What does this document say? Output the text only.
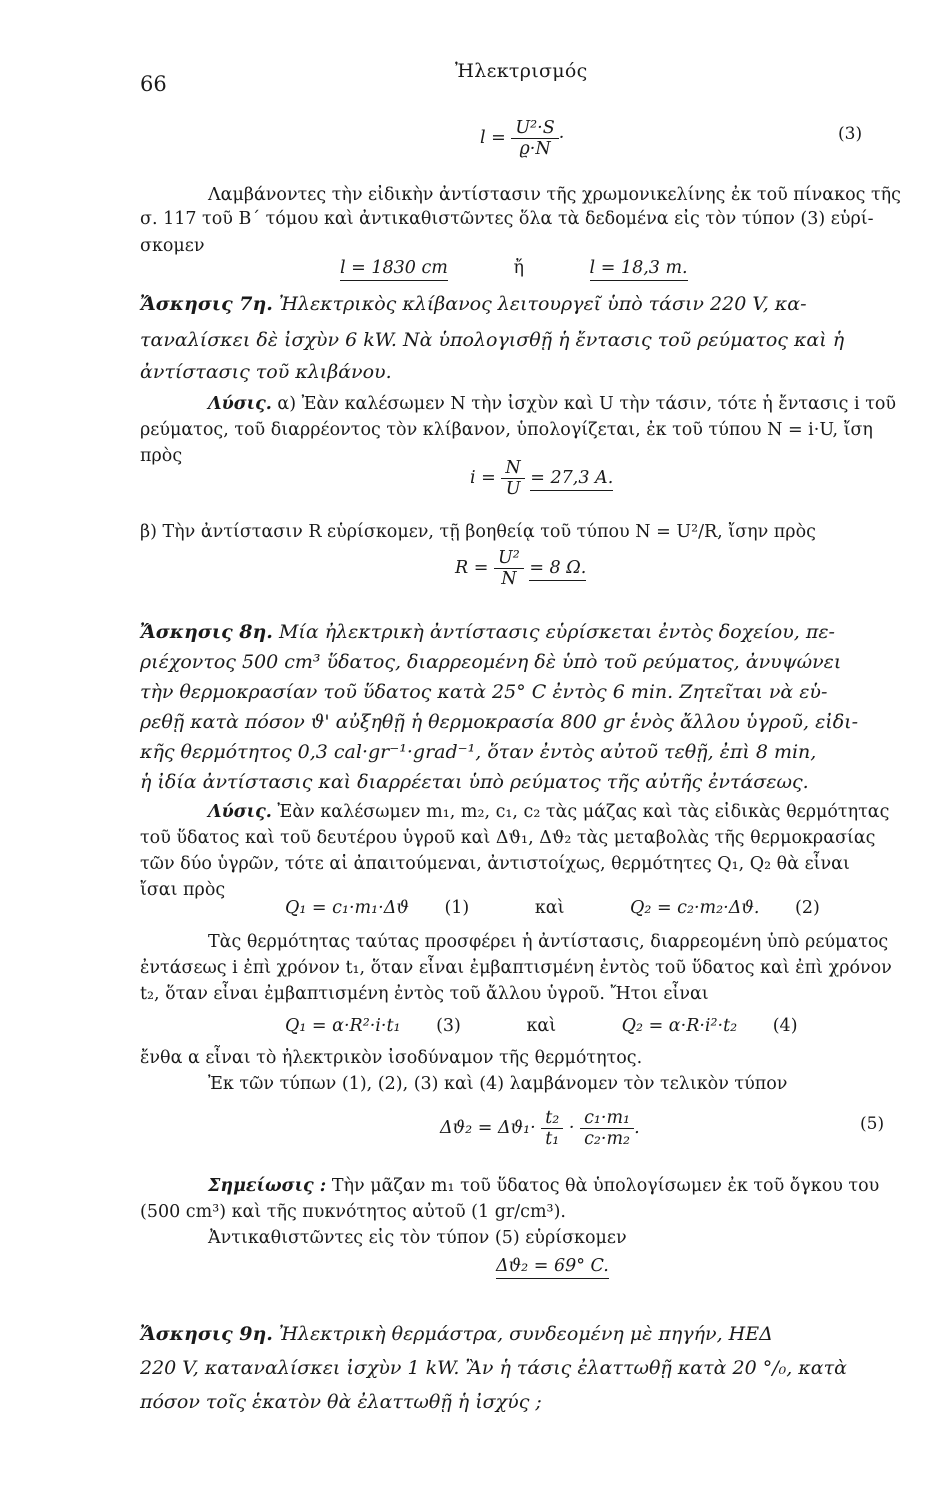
66
Ἠλεκτρισμός
$l = \frac{\text{U²·S}}{ϱ\cdot N}$ ·	(3)
Λαμβάνοντες τὴν εἰδικὴν ἀντίστασιν τῆς χρωμονικελίνης ἐκ τοῦ πίνακος τῆς
σ. 117 τοῦ Β΄ τόμου καὶ ἀντικαθιστῶντες ὅλα τὰ δεδομένα εἰς τὸν τύπον (3) εὑρί-
σκομεν
l = 1830 cm	ἤ	l = 18,3 m.
Ἄσκησις 7η. Ἠλεκτρικὸς κλίβανος λειτουργεῖ ὑπὸ τάσιν 220 V, κα-
ταναλίσκει δὲ ἰσχὺν 6 kW. Νὰ ὑπολογισθῇ ἡ ἔντασις τοῦ ρεύματος καὶ ἡ
ἀντίστασις τοῦ κλιβάνου.
Λύσις. α) Ἐὰν καλέσωμεν N τὴν ἰσχὺν καὶ U τὴν τάσιν, τότε ἡ ἔντασις i τοῦ
ρεύματος, τοῦ διαρρέοντος τὸν κλίβανον, ὑπολογίζεται, ἐκ τοῦ τύπου N = i·U, ἴση
πρὸς
$i = \frac{N}{U} = 27,3$ A.
β) Τὴν ἀντίστασιν R εὑρίσκομεν, τῇ βοηθείᾳ τοῦ τύπου N = U²/R, ἴσην πρὸς
$R = \frac{\text{U²}}{N} = 8$ Ω.
Ἄσκησις 8η. Μία ἠλεκτρικὴ ἀντίστασις εὑρίσκεται ἐντὸς δοχείου, πε-
ριέχοντος 500 cm³ ὕδατος, διαρρεομένη δὲ ὑπὸ τοῦ ρεύματος, ἀνυψώνει
τὴν θερμοκρασίαν τοῦ ὕδατος κατὰ 25° C ἐντὸς 6 min. Ζητεῖται νὰ εὑ-
ρεθῇ κατὰ πόσον ϑ' αὐξηθῇ ἡ θερμοκρασία 800 gr ἑνὸς ἄλλου ὑγροῦ, εἰδι-
κῆς θερμότητος 0,3 cal·gr⁻¹·grad⁻¹, ὅταν ἐντὸς αὐτοῦ τεθῇ, ἐπὶ 8 min,
ἡ ἰδία ἀντίστασις καὶ διαρρέεται ὑπὸ ρεύματος τῆς αὐτῆς ἐντάσεως.
Λύσις. Ἐὰν καλέσωμεν m₁, m₂, c₁, c₂ τὰς μάζας καὶ τὰς εἰδικὰς θερμότητας
τοῦ ὕδατος καὶ τοῦ δευτέρου ὑγροῦ καὶ Δϑ₁, Δϑ₂ τὰς μεταβολὰς τῆς θερμοκρασίας
τῶν δύο ὑγρῶν, τότε αἱ ἀπαιτούμεναι, ἀντιστοίχως, θερμότητες Q₁, Q₂ θὰ εἶναι
ἴσαι πρὸς
Q₁ = c₁·m₁·Δϑ (1)	καὶ	Q₂ = c₂·m₂·Δϑ. (2)
Τὰς θερμότητας ταύτας προσφέρει ἡ ἀντίστασις, διαρρεομένη ὑπὸ ρεύματος
ἐντάσεως i ἐπὶ χρόνον t₁, ὅταν εἶναι ἐμβαπτισμένη ἐντὸς τοῦ ὕδατος καὶ ἐπὶ χρόνον
t₂, ὅταν εἶναι ἐμβαπτισμένη ἐντὸς τοῦ ἄλλου ὑγροῦ. Ἤτοι εἶναι
Q₁ = α·R²·i·t₁ (3)	καὶ	Q₂ = α·R·i²·t₂ (4)
ἔνθα α εἶναι τὸ ἠλεκτρικὸν ἰσοδύναμον τῆς θερμότητος.
Ἐκ τῶν τύπων (1), (2), (3) καὶ (4) λαμβάνομεν τὸν τελικὸν τύπον
$\Delta ϑ_2 = \Delta ϑ_1\cdot \frac{\text{t₂}}{\text{t₁}} \cdot \frac{\text{c₁·m₁}}{\text{c₂·m₂}}$ .	(5)
Σημείωσις : Τὴν μᾶζαν m₁ τοῦ ὕδατος θὰ ὑπολογίσωμεν ἐκ τοῦ ὄγκου του
(500 cm³) καὶ τῆς πυκνότητος αὐτοῦ (1 gr/cm³).
Ἀντικαθιστῶντες εἰς τὸν τύπον (5) εὑρίσκομεν
Δϑ₂ = 69° C.
Ἄσκησις 9η. Ἠλεκτρικὴ θερμάστρα, συνδεομένη μὲ πηγήν, ΗΕΔ
220 V, καταναλίσκει ἰσχὺν 1 kW. Ἂν ἡ τάσις ἐλαττωθῇ κατὰ 20 °/₀, κατὰ
πόσον τοῖς ἑκατὸν θὰ ἐλαττωθῇ ἡ ἰσχύς ;
